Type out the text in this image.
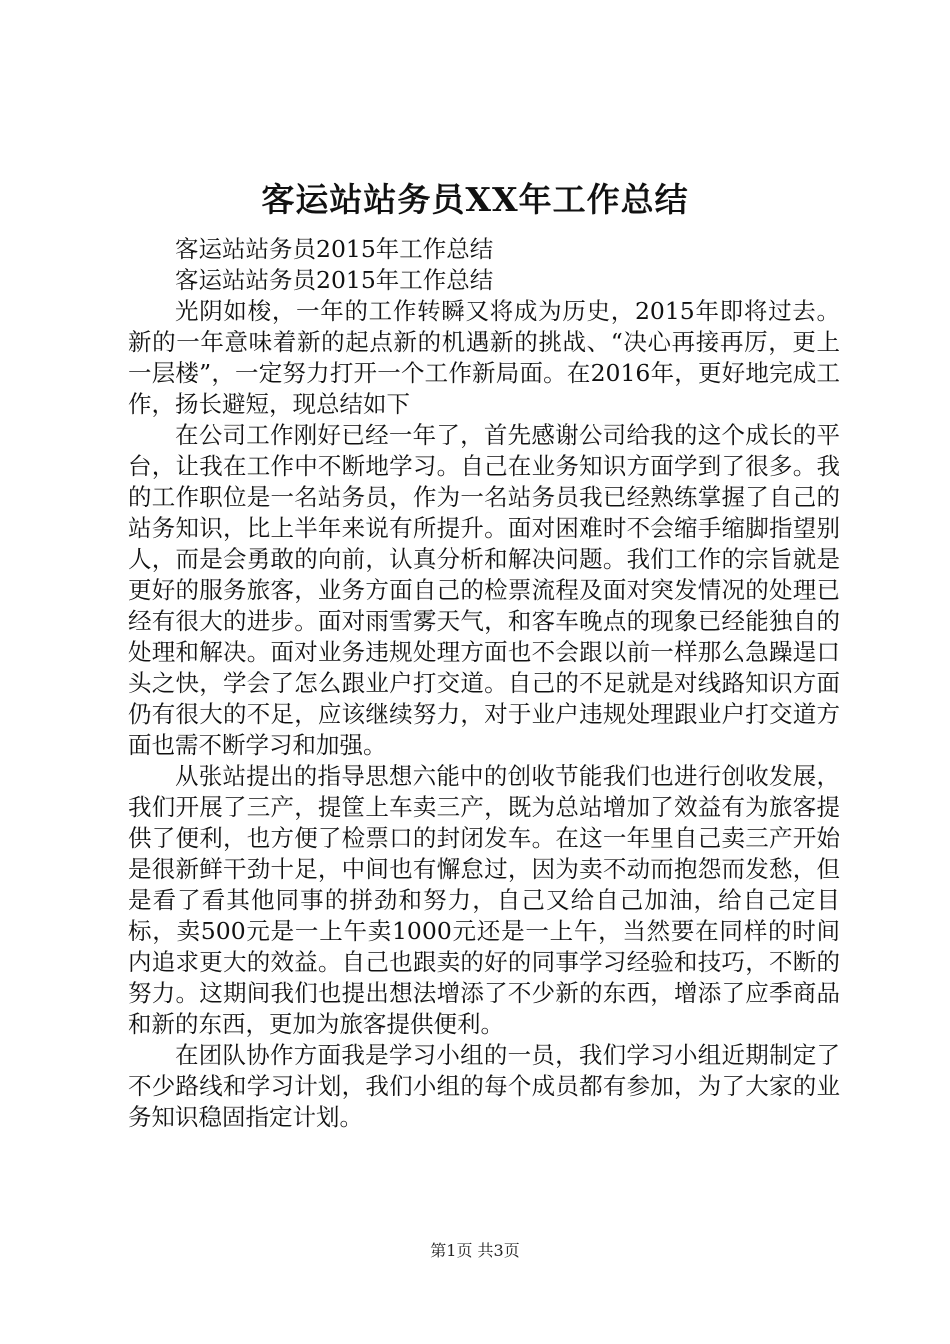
客运站站务员XX年工作总结

客运站站务员2015年工作总结

客运站站务员2015年工作总结

光阴如梭，一年的工作转瞬又将成为历史，2015年即将过去。新的一年意味着新的起点新的机遇新的挑战、“决心再接再厉，更上一层楼”，一定努力打开一个工作新局面。在2016年，更好地完成工作，扬长避短，现总结如下

在公司工作刚好已经一年了，首先感谢公司给我的这个成长的平台，让我在工作中不断地学习。自己在业务知识方面学到了很多。我的工作职位是一名站务员，作为一名站务员我已经熟练掌握了自己的站务知识，比上半年来说有所提升。面对困难时不会缩手缩脚指望别人，而是会勇敢的向前，认真分析和解决问题。我们工作的宗旨就是更好的服务旅客，业务方面自己的检票流程及面对突发情况的处理已经有很大的进步。面对雨雪雾天气，和客车晚点的现象已经能独自的处理和解决。面对业务违规处理方面也不会跟以前一样那么急躁逞口头之快，学会了怎么跟业户打交道。自己的不足就是对线路知识方面仍有很大的不足，应该继续努力，对于业户违规处理跟业户打交道方面也需不断学习和加强。

从张站提出的指导思想六能中的创收节能我们也进行创收发展，我们开展了三产，提筐上车卖三产，既为总站增加了效益有为旅客提供了便利，也方便了检票口的封闭发车。在这一年里自己卖三产开始是很新鲜干劲十足，中间也有懈怠过，因为卖不动而抱怨而发愁，但是看了看其他同事的拼劲和努力，自己又给自己加油，给自己定目标，卖500元是一上午卖1000元还是一上午，当然要在同样的时间内追求更大的效益。自己也跟卖的好的同事学习经验和技巧，不断的努力。这期间我们也提出想法增添了不少新的东西，增添了应季商品和新的东西，更加为旅客提供便利。

在团队协作方面我是学习小组的一员，我们学习小组近期制定了不少路线和学习计划，我们小组的每个成员都有参加，为了大家的业务知识稳固指定计划。

第1页 共3页
